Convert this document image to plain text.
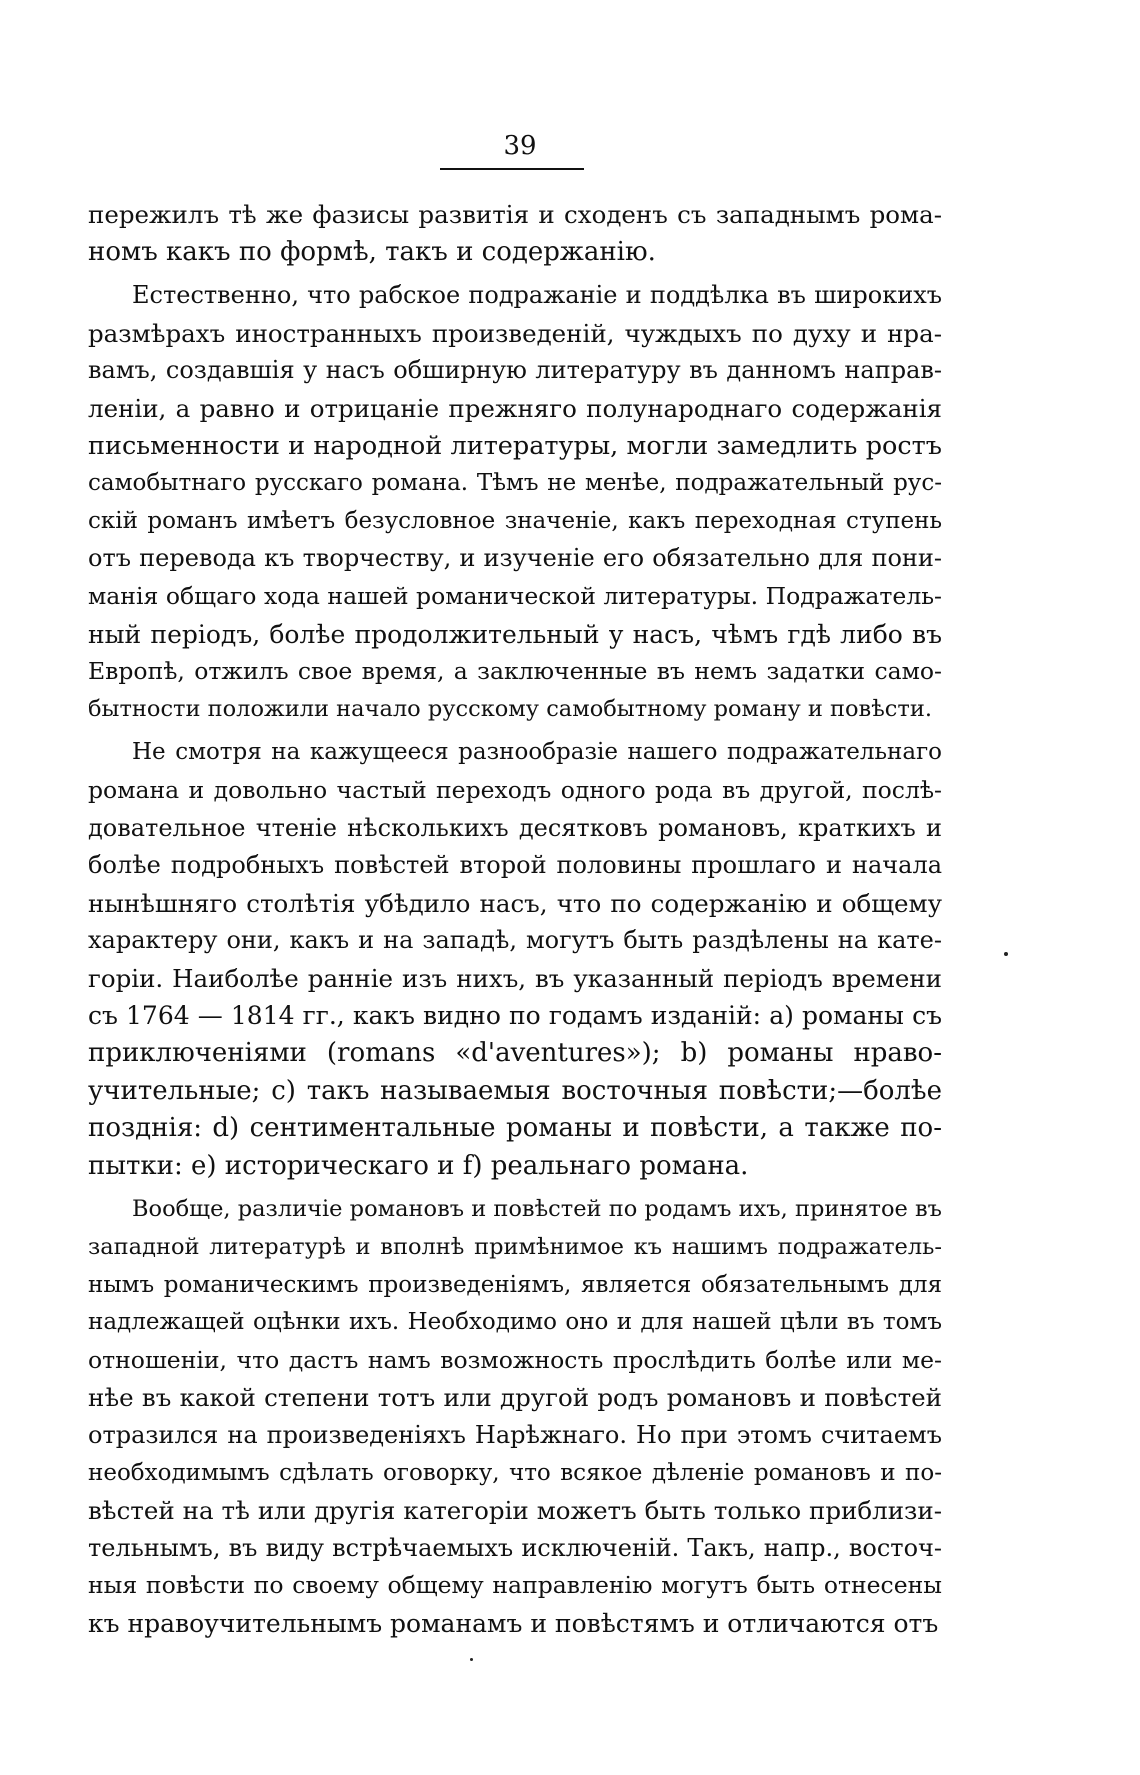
39
пережилъ тѣ же фазисы развитія и сходенъ съ западнымъ рома-
номъ какъ по формѣ, такъ и содержанію.
Естественно, что рабское подражаніе и поддѣлка въ широкихъ
размѣрахъ иностранныхъ произведеній, чуждыхъ по духу и нра-
вамъ, создавшія у насъ обширную литературу въ данномъ направ-
леніи, а равно и отрицаніе прежняго полународнаго содержанія
письменности и народной литературы, могли замедлить ростъ
самобытнаго русскаго романа. Тѣмъ не менѣе, подражательный рус-
скій романъ имѣетъ безусловное значеніе, какъ переходная ступень
отъ перевода къ творчеству, и изученіе его обязательно для пони-
манія общаго хода нашей романической литературы. Подражатель-
ный періодъ, болѣе продолжительный у насъ, чѣмъ гдѣ либо въ
Европѣ, отжилъ свое время, а заключенные въ немъ задатки само-
бытности положили начало русскому самобытному роману и повѣсти.
Не смотря на кажущееся разнообразіе нашего подражательнаго
романа и довольно частый переходъ одного рода въ другой, послѣ-
довательное чтеніе нѣсколькихъ десятковъ романовъ, краткихъ и
болѣе подробныхъ повѣстей второй половины прошлаго и начала
нынѣшняго столѣтія убѣдило насъ, что по содержанію и общему
характеру они, какъ и на западѣ, могутъ быть раздѣлены на кате-
горіи. Наиболѣе ранніе изъ нихъ, въ указанный періодъ времени
съ 1764 — 1814 гг., какъ видно по годамъ изданій: a) романы съ
приключеніями (romans «d'aventures»); b) романы нраво-
учительные; c) такъ называемыя восточныя повѣсти;—болѣе
позднія: d) сентиментальные романы и повѣсти, а также по-
пытки: e) историческаго и f) реальнаго романа.
Вообще, различіе романовъ и повѣстей по родамъ ихъ, принятое въ
западной литературѣ и вполнѣ примѣнимое къ нашимъ подражатель-
нымъ романическимъ произведеніямъ, является обязательнымъ для
надлежащей оцѣнки ихъ. Необходимо оно и для нашей цѣли въ томъ
отношеніи, что дастъ намъ возможность прослѣдить болѣе или ме-
нѣе въ какой степени тотъ или другой родъ романовъ и повѣстей
отразился на произведеніяхъ Нарѣжнаго. Но при этомъ считаемъ
необходимымъ сдѣлать оговорку, что всякое дѣленіе романовъ и по-
вѣстей на тѣ или другія категоріи можетъ быть только приблизи-
тельнымъ, въ виду встрѣчаемыхъ исключеній. Такъ, напр., восточ-
ныя повѣсти по своему общему направленію могутъ быть отнесены
къ нравоучительнымъ романамъ и повѣстямъ и отличаются отъ
